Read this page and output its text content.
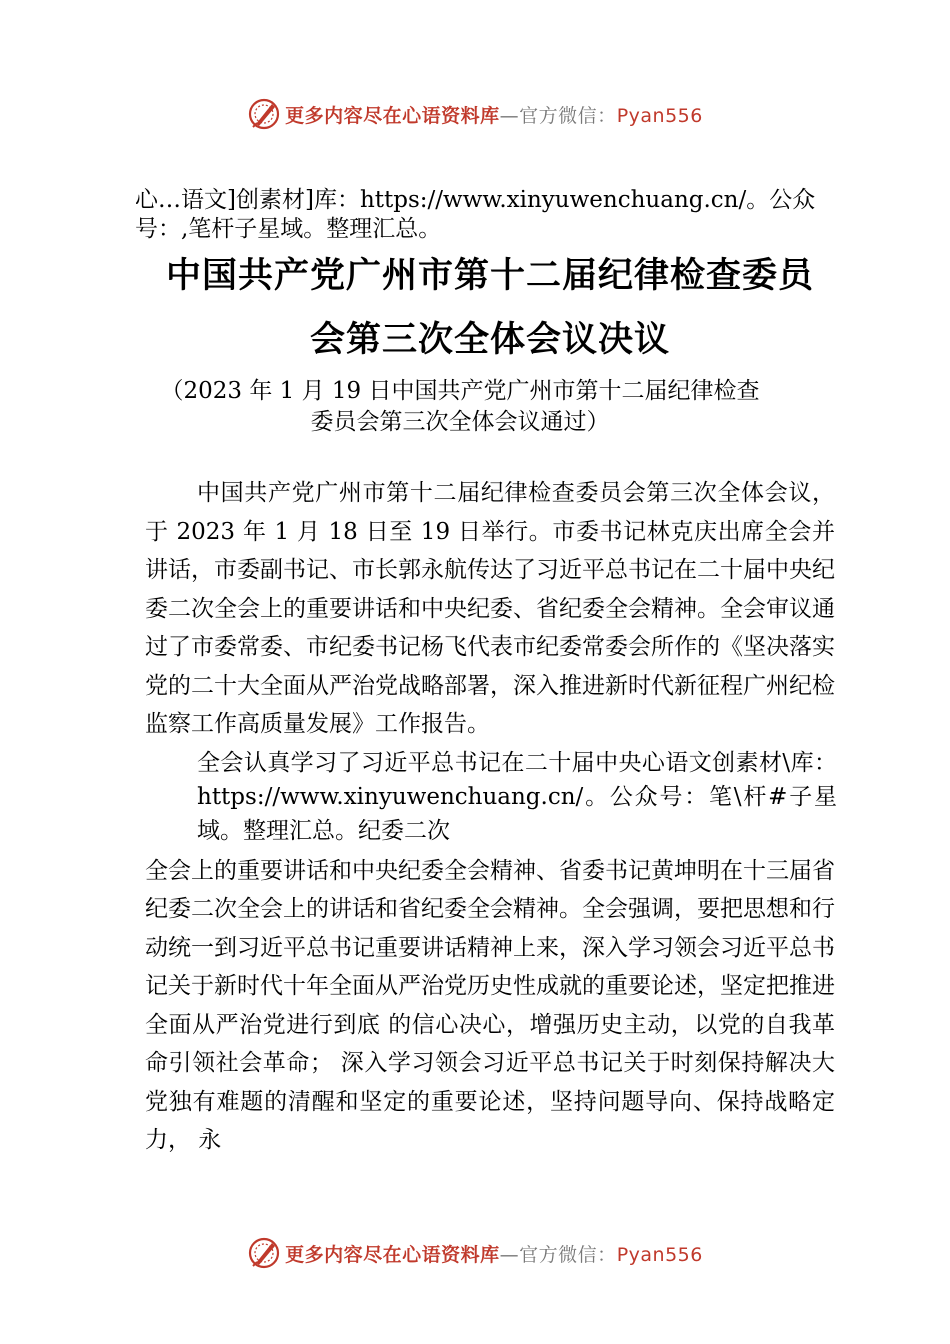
更多内容尽在心语资料库—官方微信：Pyan556

心…语文]创素材]库：https://www.xinyuwenchuang.cn/。公众号：,笔杆子星域。整理汇总。

中国共产党广州市第十二届纪律检查委员
会第三次全体会议决议
（2023 年 1 月 19 日中国共产党广州市第十二届纪律检查
委员会第三次全体会议通过）

中国共产党广州市第十二届纪律检查委员会第三次全体会议，于 2023 年 1 月 18 日至 19 日举行。市委书记林克庆出席全会并讲话，市委副书记、市长郭永航传达了习近平总书记在二十届中央纪委二次全会上的重要讲话和中央纪委、省纪委全会精神。全会审议通过了市委常委、市纪委书记杨飞代表市纪委常委会所作的《坚决落实党的二十大全面从严治党战略部署，深入推进新时代新征程广州纪检监察工作高质量发展》工作报告。

全会认真学习了习近平总书记在二十届中央心语文创素材\库：https://www.xinyuwenchuang.cn/。公众号：笔\杆#子星域。整理汇总。纪委二次

全会上的重要讲话和中央纪委全会精神、省委书记黄坤明在十三届省纪委二次全会上的讲话和省纪委全会精神。全会强调，要把思想和行动统一到习近平总书记重要讲话精神上来，深入学习领会习近平总书记关于新时代十年全面从严治党历史性成就的重要论述，坚定把推进全面从严治党进行到底 的信心决心，增强历史主动，以党的自我革命引领社会革命； 深入学习领会习近平总书记关于时刻保持解决大党独有难题的清醒和坚定的重要论述，坚持问题导向、保持战略定力， 永

更多内容尽在心语资料库—官方微信：Pyan556
